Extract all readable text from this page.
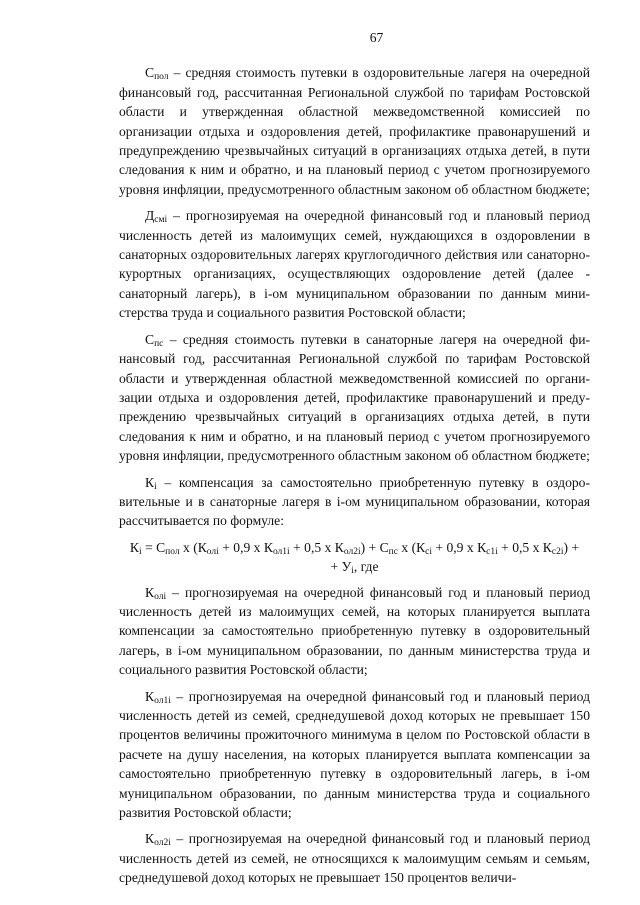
67

$С_{пол}$ – средняя стоимость путевки в оздоровительные лагеря на очередной финансовый год, рассчитанная Региональной службой по тарифам Ростовской области и утвержденная областной межведомственной комиссией по организации отдыха и оздоровления детей, профилактике правонарушений и предупреждению чрезвычайных ситуаций в организациях отдыха детей, в пути следования к ним и обратно, и на плановый период с учетом прогнозируемого уровня инфляции, предусмотренного областным законом об областном бюджете;

$Д_{смi}$ – прогнозируемая на очередной финансовый год и плановый период численность детей из малоимущих семей, нуждающихся в оздоровлении в санаторных оздоровительных лагерях круглогодичного действия или санаторно-курортных организациях, осуществляющих оздоровление детей (далее - санаторный лагерь), в i-ом муниципальном образовании по данным министерства труда и социального развития Ростовской области;

$С_{пс}$ – средняя стоимость путевки в санаторные лагеря на очередной финансовый год, рассчитанная Региональной службой по тарифам Ростовской области и утвержденная областной межведомственной комиссией по организации отдыха и оздоровления детей, профилактике правонарушений и предупреждению чрезвычайных ситуаций в организациях отдыха детей, в пути следования к ним и обратно, и на плановый период с учетом прогнозируемого уровня инфляции, предусмотренного областным законом об областном бюджете;

$К_i$ – компенсация за самостоятельно приобретенную путевку в оздоровительные и в санаторные лагеря в i-ом муниципальном образовании, которая рассчитывается по формуле:

$К_i = С_{пол}$ х ($К_{олi} + 0,9$ х $К_{ол1i} + 0,5$ х $К_{ол2i}) + С_{пс}$ х ($К_{сi} + 0,9$ х $К_{с1i} + 0,5$ х $К_{с2i}$) +
+ $У_i$, где

$К_{олi}$ – прогнозируемая на очередной финансовый год и плановый период численность детей из малоимущих семей, на которых планируется выплата компенсации за самостоятельно приобретенную путевку в оздоровительный лагерь, в i-ом муниципальном образовании, по данным министерства труда и социального развития Ростовской области;

$К_{ол1i}$ – прогнозируемая на очередной финансовый год и плановый период численность детей из семей, среднедушевой доход которых не превышает 150 процентов величины прожиточного минимума в целом по Ростовской области в расчете на душу населения, на которых планируется выплата компенсации за самостоятельно приобретенную путевку в оздоровительный лагерь, в i-ом муниципальном образовании, по данным министерства труда и социального развития Ростовской области;

$К_{ол2i}$ – прогнозируемая на очередной финансовый год и плановый период численность детей из семей, не относящихся к малоимущим семьям и семьям, среднедушевой доход которых не превышает 150 процентов величи-
